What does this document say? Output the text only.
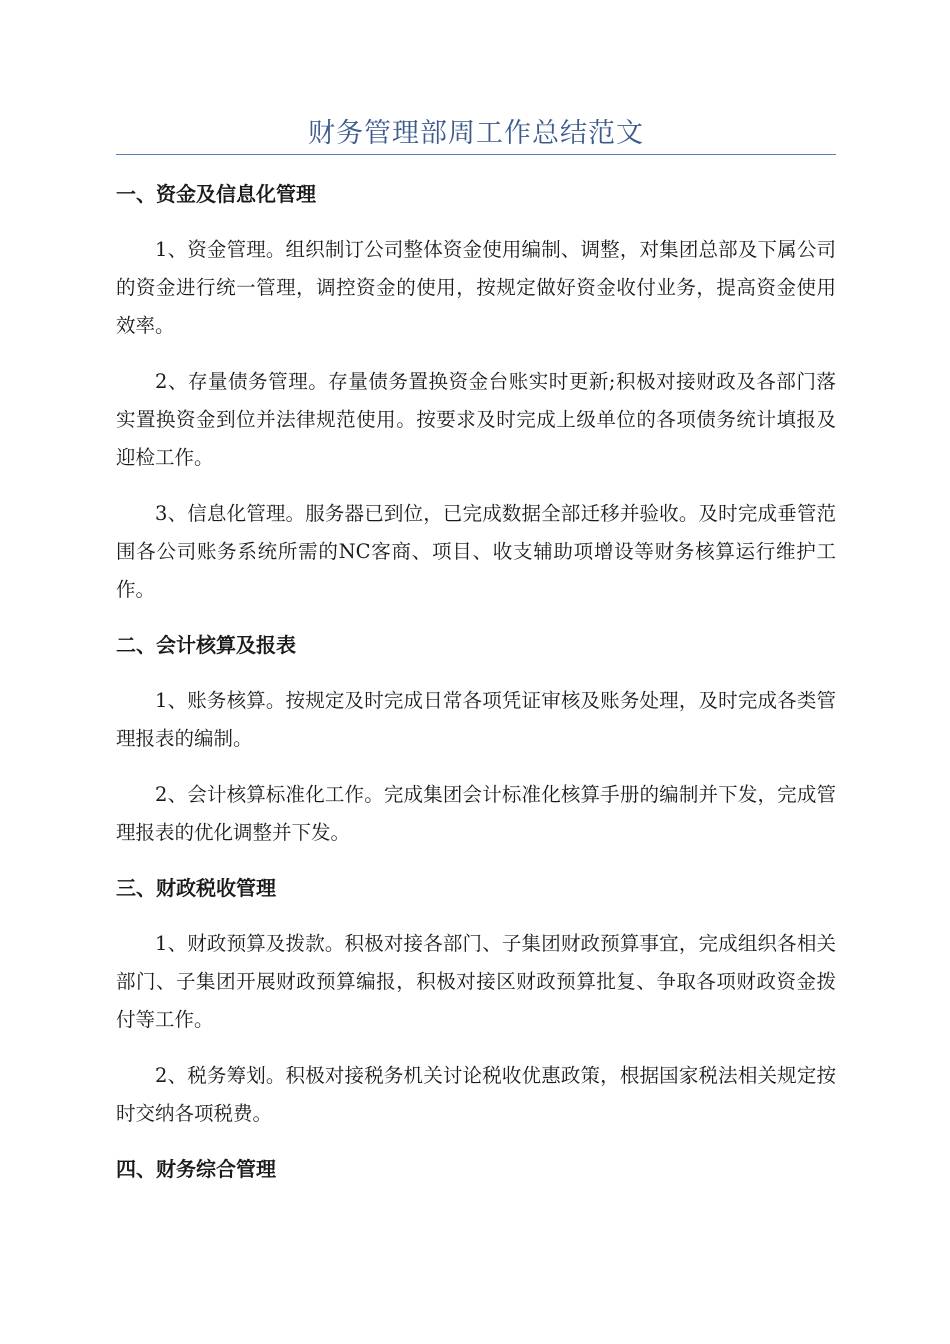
财务管理部周工作总结范文
一、资金及信息化管理

1、资金管理。组织制订公司整体资金使用编制、调整，对集团总部及下属公司的资金进行统一管理，调控资金的使用，按规定做好资金收付业务，提高资金使用效率。

2、存量债务管理。存量债务置换资金台账实时更新;积极对接财政及各部门落实置换资金到位并法律规范使用。按要求及时完成上级单位的各项债务统计填报及迎检工作。

3、信息化管理。服务器已到位，已完成数据全部迁移并验收。及时完成垂管范围各公司账务系统所需的NC客商、项目、收支辅助项增设等财务核算运行维护工作。

二、会计核算及报表

1、账务核算。按规定及时完成日常各项凭证审核及账务处理，及时完成各类管理报表的编制。

2、会计核算标准化工作。完成集团会计标准化核算手册的编制并下发，完成管理报表的优化调整并下发。

三、财政税收管理

1、财政预算及拨款。积极对接各部门、子集团财政预算事宜，完成组织各相关部门、子集团开展财政预算编报，积极对接区财政预算批复、争取各项财政资金拨付等工作。

2、税务筹划。积极对接税务机关讨论税收优惠政策，根据国家税法相关规定按时交纳各项税费。

四、财务综合管理
